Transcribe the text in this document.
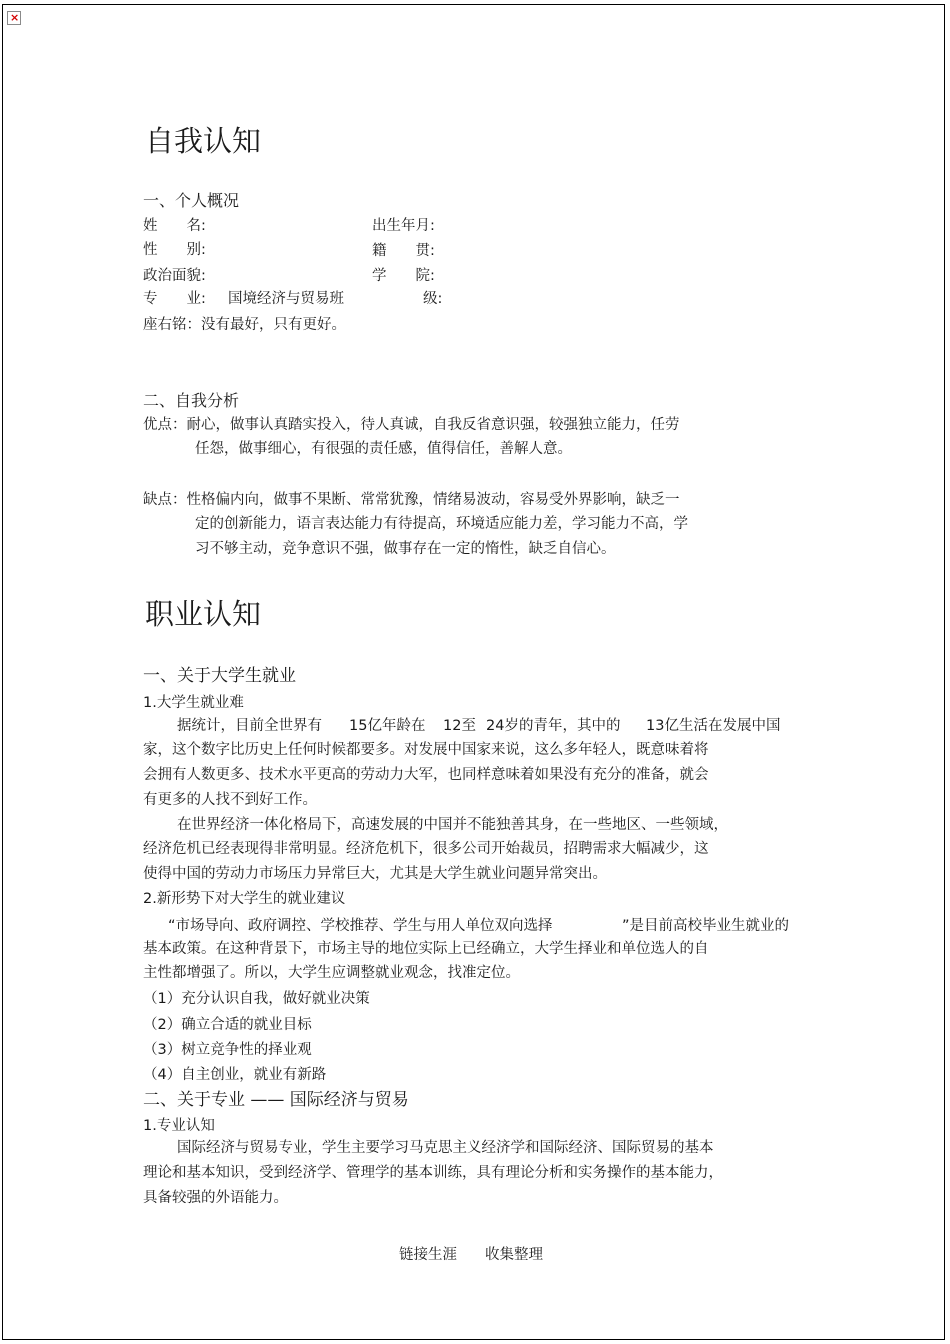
×
自我认知
一、个人概况
姓　　名:	出生年月:
性　　别:	籍　　贯:
政治面貌:	学　　院:
专　　业: 国境经济与贸易班	级:
座右铭：没有最好，只有更好。
二、自我分析
优点：耐心，做事认真踏实投入，待人真诚，自我反省意识强，较强独立能力，任劳
任怨，做事细心，有很强的责任感，值得信任，善解人意。
缺点：性格偏内向，做事不果断、常常犹豫，情绪易波动，容易受外界影响，缺乏一
定的创新能力，语言表达能力有待提高，环境适应能力差，学习能力不高，学
习不够主动，竞争意识不强，做事存在一定的惰性，缺乏自信心。
职业认知
一、关于大学生就业
1.大学生就业难
据统计，目前全世界有 15亿年龄在 12至 24岁的青年，其中的 13亿生活在发展中国
家，这个数字比历史上任何时候都要多。对发展中国家来说，这么多年轻人，既意味着将
会拥有人数更多、技术水平更高的劳动力大军，也同样意味着如果没有充分的准备，就会
有更多的人找不到好工作。
在世界经济一体化格局下，高速发展的中国并不能独善其身，在一些地区、一些领域，
经济危机已经表现得非常明显。经济危机下，很多公司开始裁员，招聘需求大幅减少，这
使得中国的劳动力市场压力异常巨大，尤其是大学生就业问题异常突出。
2.新形势下对大学生的就业建议
“市场导向、政府调控、学校推荐、学生与用人单位双向选择	”是目前高校毕业生就业的
基本政策。在这种背景下，市场主导的地位实际上已经确立，大学生择业和单位选人的自
主性都增强了。所以，大学生应调整就业观念，找准定位。
（1）充分认识自我，做好就业决策
（2）确立合适的就业目标
（3）树立竞争性的择业观
（4）自主创业，就业有新路
二、关于专业 —— 国际经济与贸易
1.专业认知
国际经济与贸易专业，学生主要学习马克思主义经济学和国际经济、国际贸易的基本
理论和基本知识，受到经济学、管理学的基本训练，具有理论分析和实务操作的基本能力，
具备较强的外语能力。
链接生涯 收集整理
